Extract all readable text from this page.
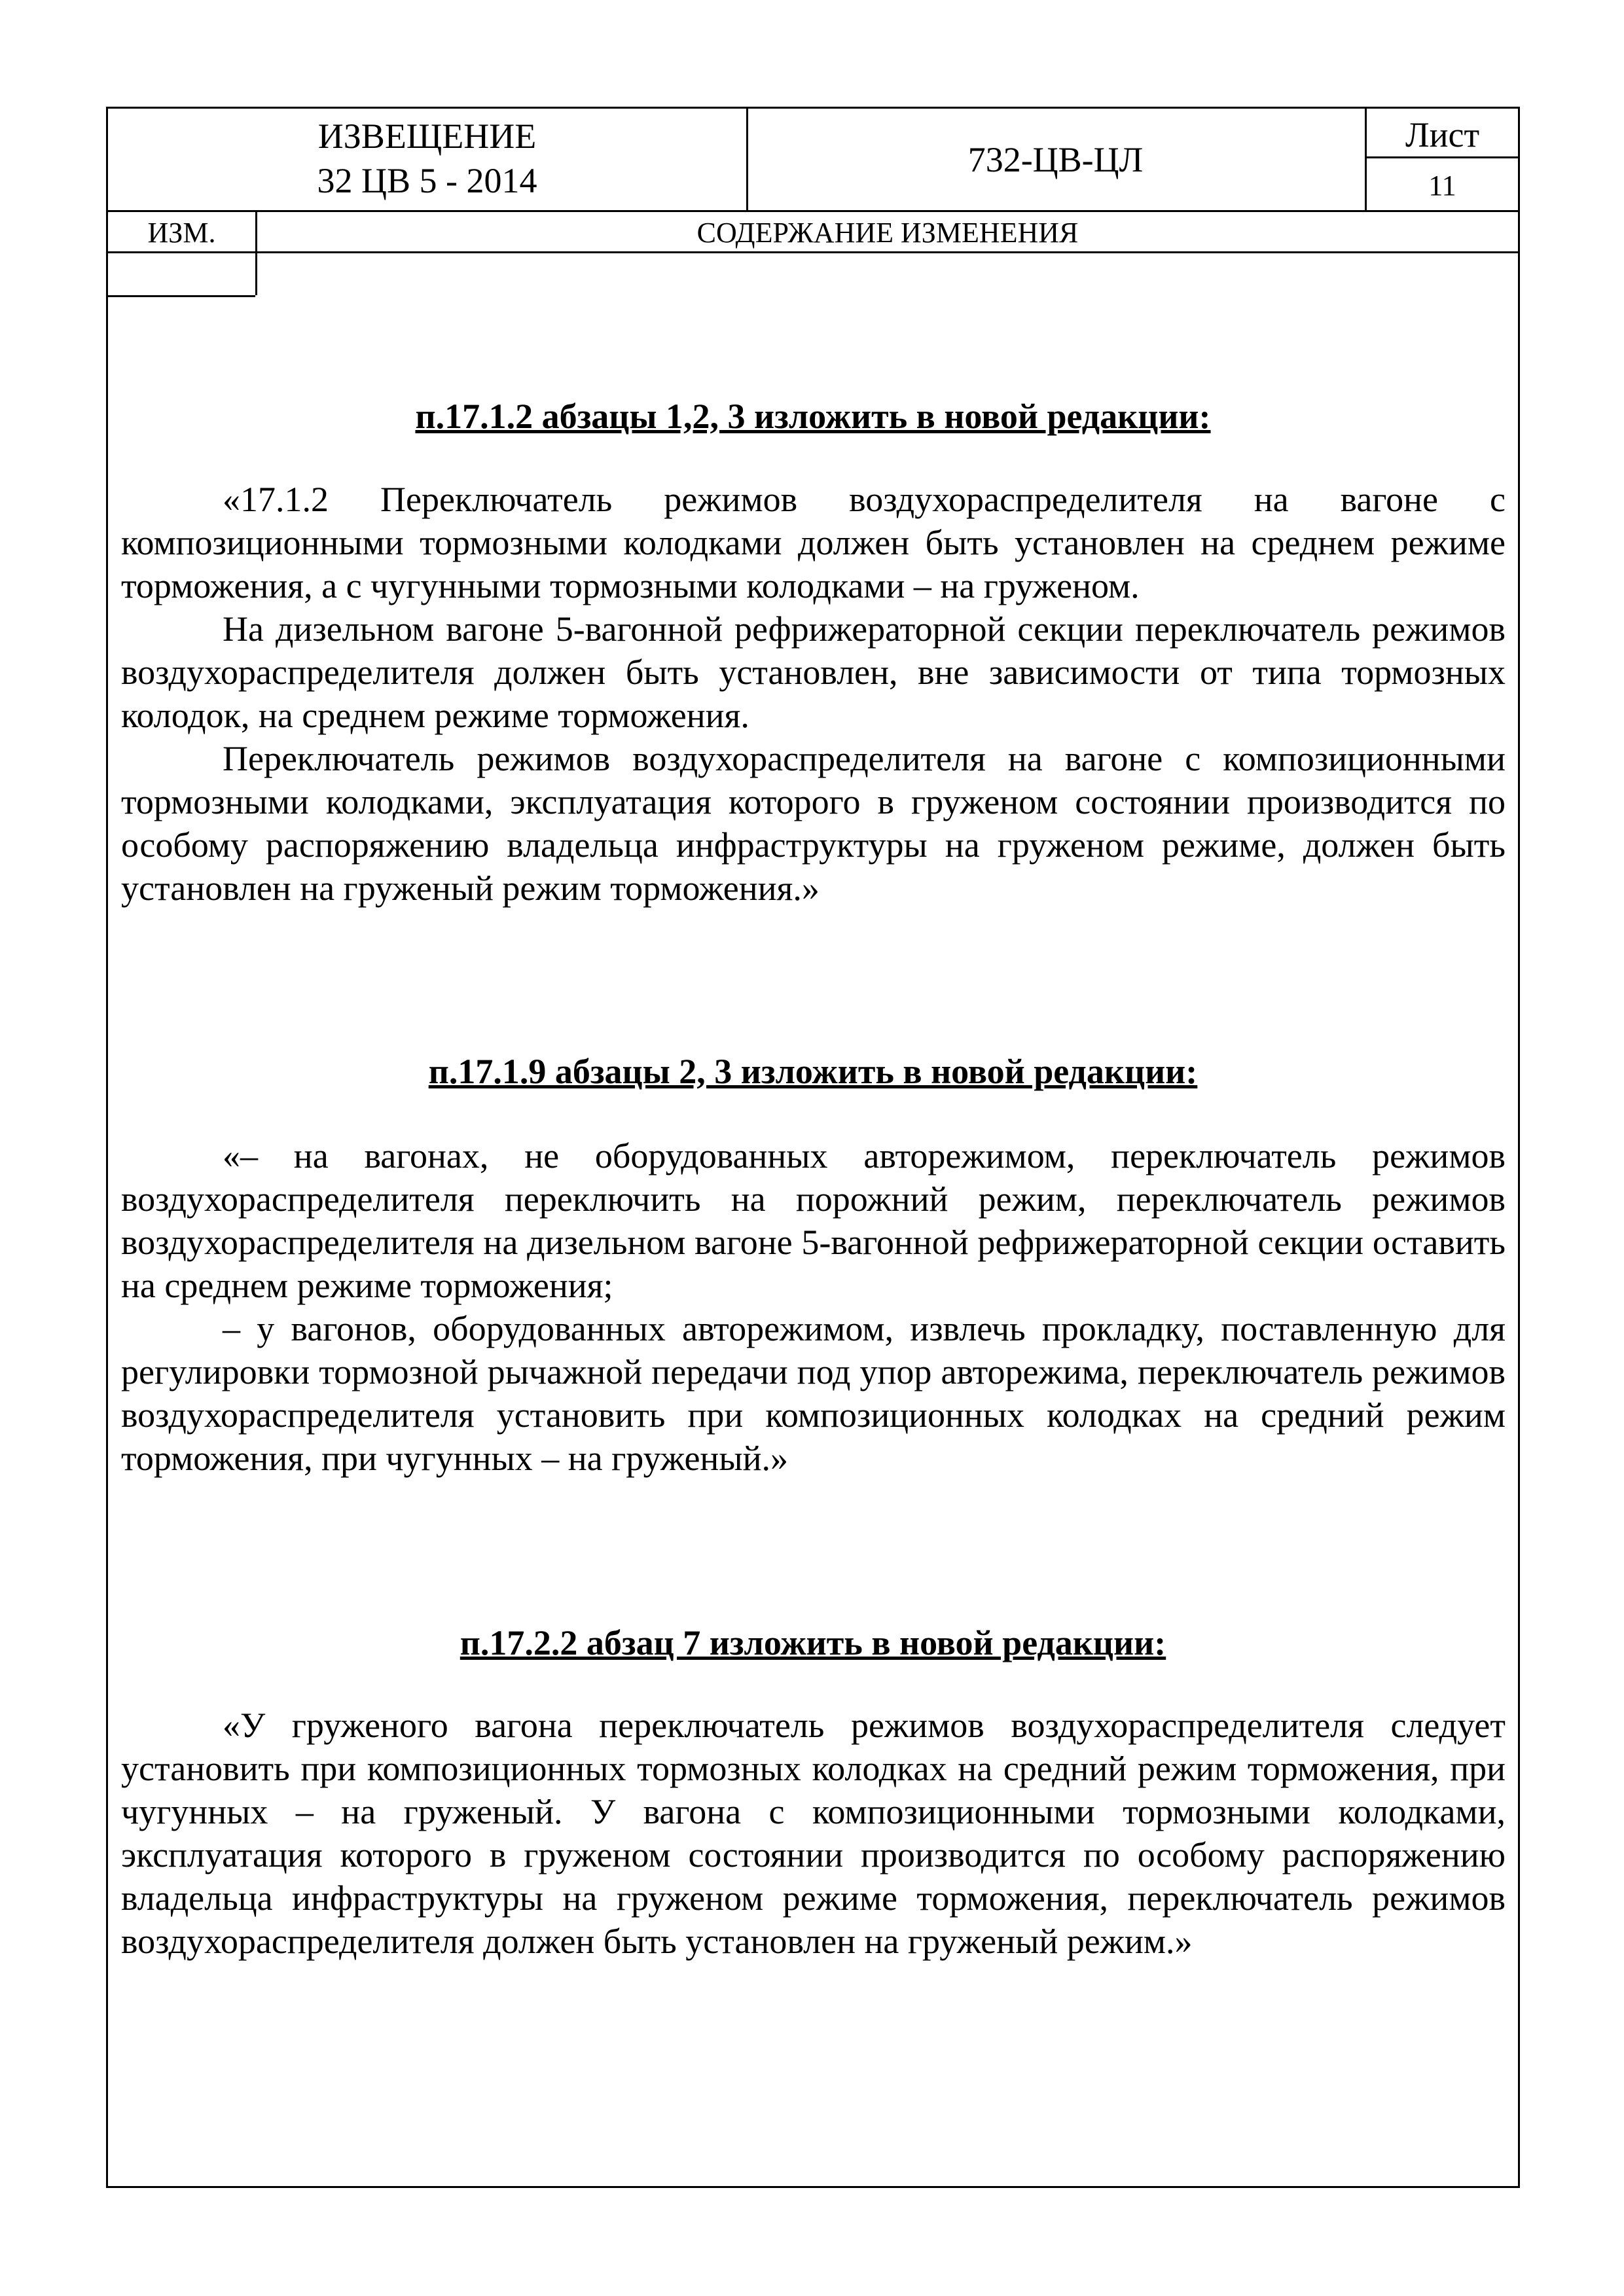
ИЗВЕЩЕНИЕ
32 ЦВ 5 - 2014
732-ЦВ-ЦЛ
Лист
11
ИЗМ.	СОДЕРЖАНИЕ ИЗМЕНЕНИЯ
п.17.1.2 абзацы 1,2, 3 изложить в новой редакции:

«17.1.2 Переключатель режимов воздухораспределителя на вагоне с композиционными тормозными колодками должен быть установлен на среднем режиме торможения, а с чугунными тормозными колодками – на груженом.

На дизельном вагоне 5-вагонной рефрижераторной секции переключатель режимов воздухораспределителя должен быть установлен, вне зависимости от типа тормозных колодок, на среднем режиме торможения.

Переключатель режимов воздухораспределителя на вагоне с композиционными тормозными колодками, эксплуатация которого в груженом состоянии производится по особому распоряжению владельца инфраструктуры на груженом режиме, должен быть установлен на груженый режим торможения.»

п.17.1.9 абзацы 2, 3 изложить в новой редакции:

«– на вагонах, не оборудованных авторежимом, переключатель режимов воздухораспределителя переключить на порожний режим, переключатель режимов воздухораспределителя на дизельном вагоне 5-вагонной рефрижераторной секции оставить на среднем режиме торможения;

– у вагонов, оборудованных авторежимом, извлечь прокладку, поставленную для регулировки тормозной рычажной передачи под упор авторежима, переключатель режимов воздухораспределителя установить при композиционных колодках на средний режим торможения, при чугунных – на груженый.»

п.17.2.2 абзац 7 изложить в новой редакции:

«У груженого вагона переключатель режимов воздухораспределителя следует установить при композиционных тормозных колодках на средний режим торможения, при чугунных – на груженый. У вагона с композиционными тормозными колодками, эксплуатация которого в груженом состоянии производится по особому распоряжению владельца инфраструктуры на груженом режиме торможения, переключатель режимов воздухораспределителя должен быть установлен на груженый режим.»
